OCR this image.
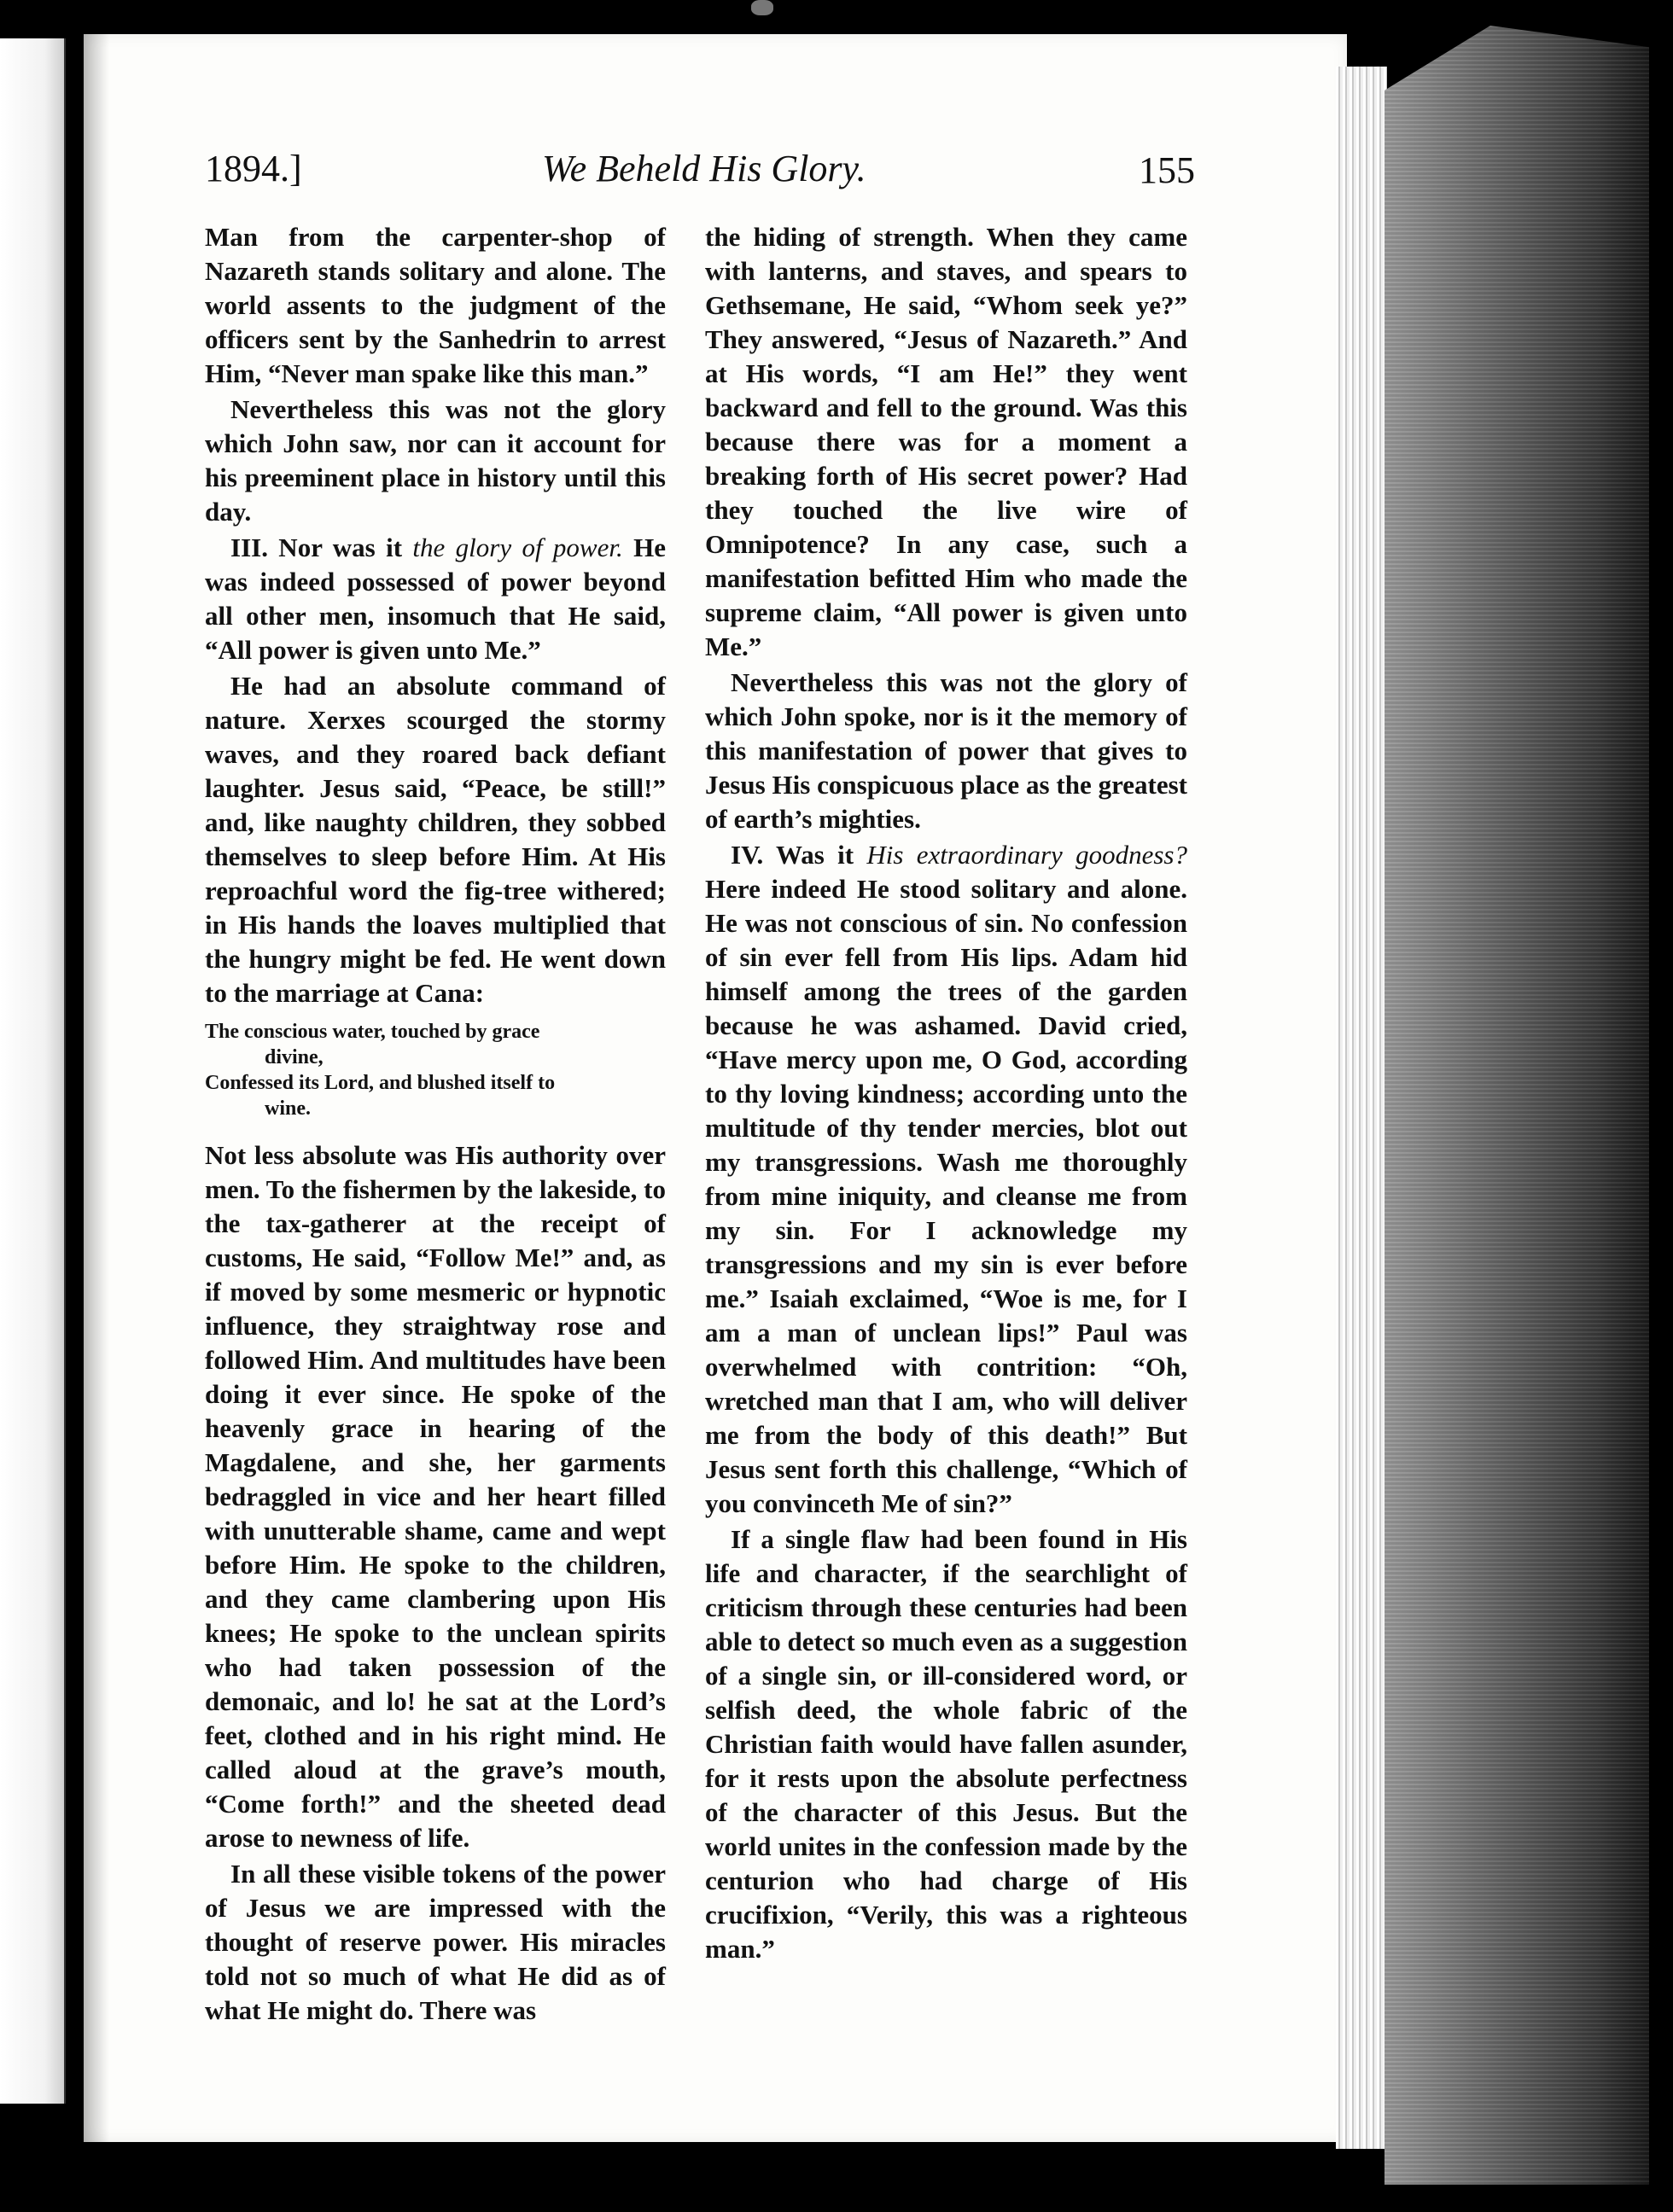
1894.]	We Beheld His Glory.	155

Man from the carpenter-shop of Nazareth stands solitary and alone. The world assents to the judgment of the officers sent by the Sanhedrin to arrest Him, “Never man spake like this man.”

Nevertheless this was not the glory which John saw, nor can it account for his preeminent place in history until this day.

III. Nor was it the glory of power. He was indeed possessed of power beyond all other men, insomuch that He said, “All power is given unto Me.”

He had an absolute command of nature. Xerxes scourged the stormy waves, and they roared back defiant laughter. Jesus said, “Peace, be still!” and, like naughty children, they sobbed themselves to sleep before Him. At His reproachful word the fig-tree withered; in His hands the loaves multiplied that the hungry might be fed. He went down to the marriage at Cana:

The conscious water, touched by grace
divine,
Confessed its Lord, and blushed itself to
wine.

Not less absolute was His authority over men. To the fishermen by the lakeside, to the tax-gatherer at the receipt of customs, He said, “Follow Me!” and, as if moved by some mesmeric or hypnotic influence, they straightway rose and followed Him. And multitudes have been doing it ever since. He spoke of the heavenly grace in hearing of the Magdalene, and she, her garments bedraggled in vice and her heart filled with unutterable shame, came and wept before Him. He spoke to the children, and they came clambering upon His knees; He spoke to the unclean spirits who had taken possession of the demonaic, and lo! he sat at the Lord’s feet, clothed and in his right mind. He called aloud at the grave’s mouth, “Come forth!” and the sheeted dead arose to newness of life.

In all these visible tokens of the power of Jesus we are impressed with the thought of reserve power. His miracles told not so much of what He did as of what He might do. There was

the hiding of strength. When they came with lanterns, and staves, and spears to Gethsemane, He said, “Whom seek ye?” They answered, “Jesus of Nazareth.” And at His words, “I am He!” they went backward and fell to the ground. Was this because there was for a moment a breaking forth of His secret power? Had they touched the live wire of Omnipotence? In any case, such a manifestation befitted Him who made the supreme claim, “All power is given unto Me.”

Nevertheless this was not the glory of which John spoke, nor is it the memory of this manifestation of power that gives to Jesus His conspicuous place as the greatest of earth’s mighties.

IV. Was it His extraordinary goodness? Here indeed He stood solitary and alone. He was not conscious of sin. No confession of sin ever fell from His lips. Adam hid himself among the trees of the garden because he was ashamed. David cried, “Have mercy upon me, O God, according to thy loving kindness; according unto the multitude of thy tender mercies, blot out my transgressions. Wash me thoroughly from mine iniquity, and cleanse me from my sin. For I acknowledge my transgressions and my sin is ever before me.” Isaiah exclaimed, “Woe is me, for I am a man of unclean lips!” Paul was overwhelmed with contrition: “Oh, wretched man that I am, who will deliver me from the body of this death!” But Jesus sent forth this challenge, “Which of you convinceth Me of sin?”

If a single flaw had been found in His life and character, if the searchlight of criticism through these centuries had been able to detect so much even as a suggestion of a single sin, or ill-considered word, or selfish deed, the whole fabric of the Christian faith would have fallen asunder, for it rests upon the absolute perfectness of the character of this Jesus. But the world unites in the confession made by the centurion who had charge of His crucifixion, “Verily, this was a righteous man.”
